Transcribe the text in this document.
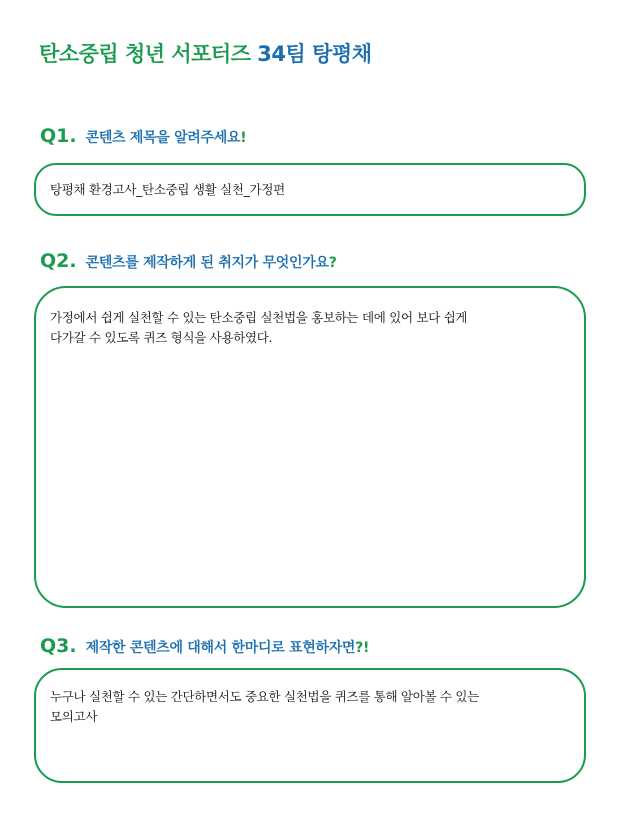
탄소중립 청년 서포터즈 34팀 탕평채
Q1. 콘텐츠 제목을 알려주세요!
탕평채 환경고사_탄소중립 생활 실천_가정편
Q2. 콘텐츠를 제작하게 된 취지가 무엇인가요?
가정에서 쉽게 실천할 수 있는 탄소중립 실천법을 홍보하는 데에 있어 보다 쉽게
다가갈 수 있도록 퀴즈 형식을 사용하였다.
Q3. 제작한 콘텐츠에 대해서 한마디로 표현하자면?!
누구나 실천할 수 있는 간단하면서도 중요한 실천법을 퀴즈를 통해 알아볼 수 있는
모의고사
